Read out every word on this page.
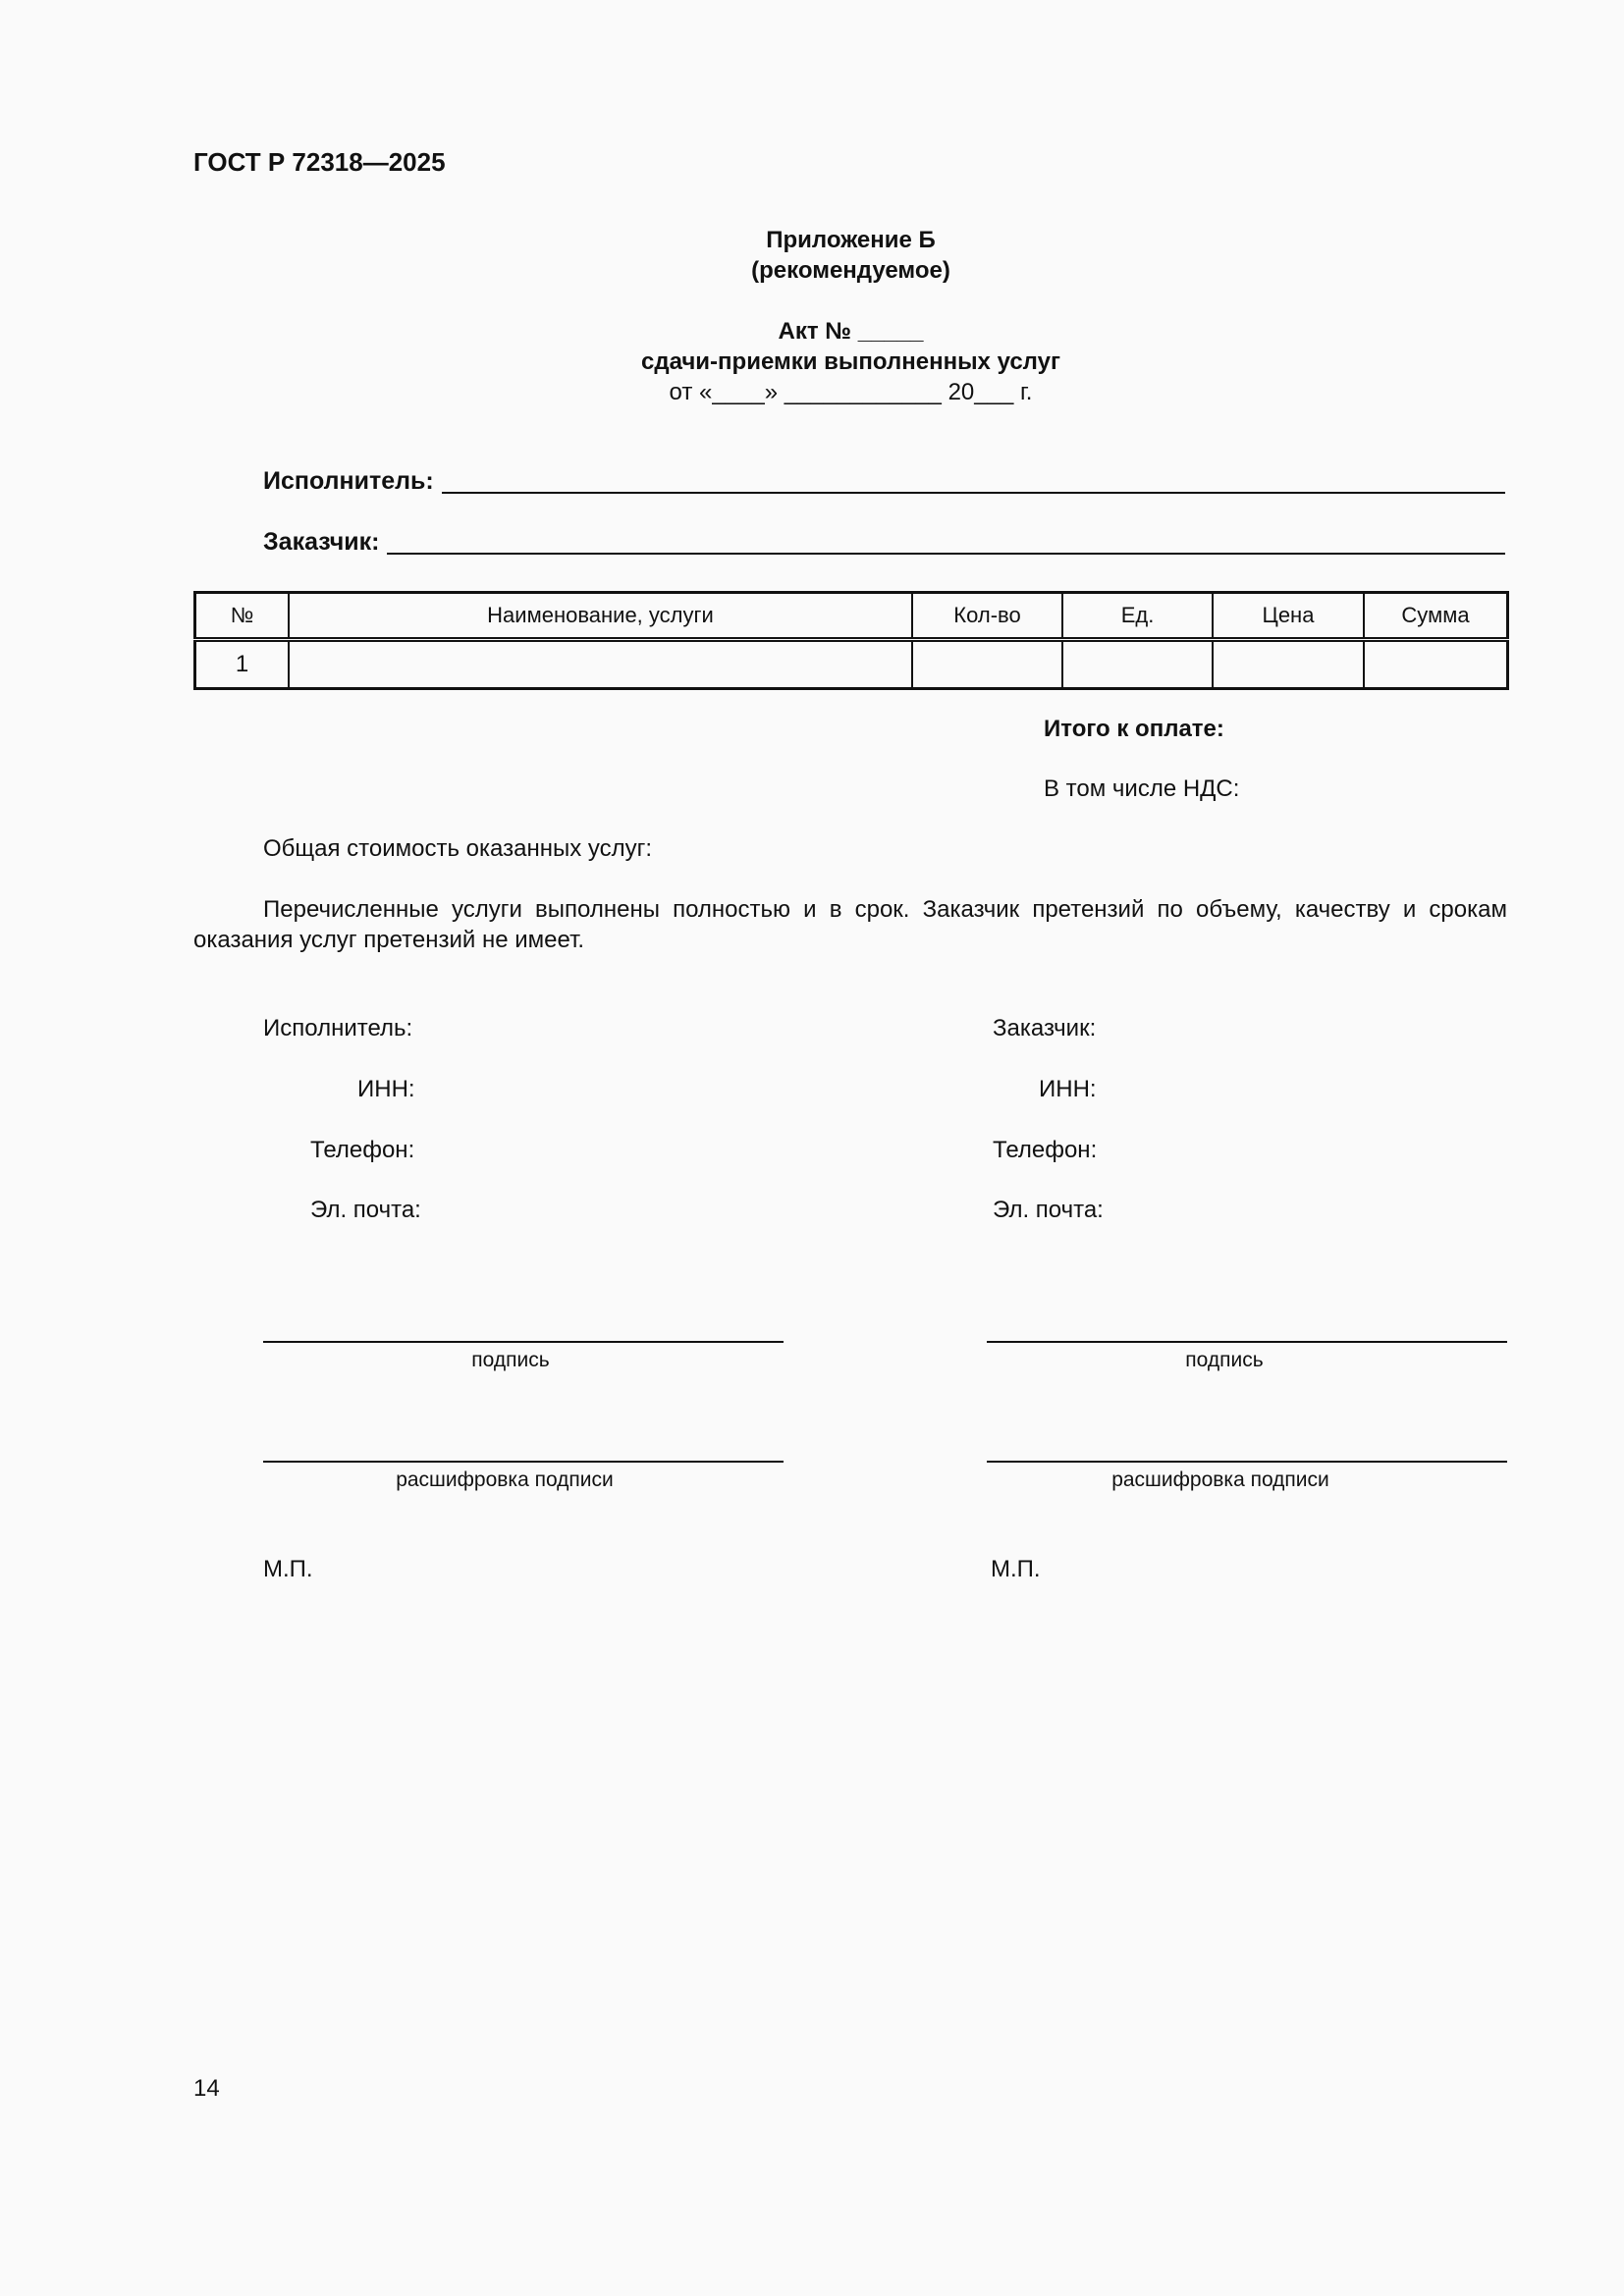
ГОСТ Р 72318—2025
Приложение Б
(рекомендуемое)
Акт № _____
сдачи-приемки выполненных услуг
от «____» ____________ 20___ г.
Исполнитель:
Заказчик:
№	Наименование, услуги	Кол-во	Ед.	Цена	Сумма
1					
Итого к оплате:
В том числе НДС:
Общая стоимость оказанных услуг:
Перечисленные услуги выполнены полностью и в срок. Заказчик претензий по объему, качеству и срокам оказания услуг претензий не имеет.
Исполнитель:
ИНН:
Телефон:
Эл. почта:
подпись
расшифровка подписи
М.П.
Заказчик:
ИНН:
Телефон:
Эл. почта:
подпись
расшифровка подписи
М.П.
14
